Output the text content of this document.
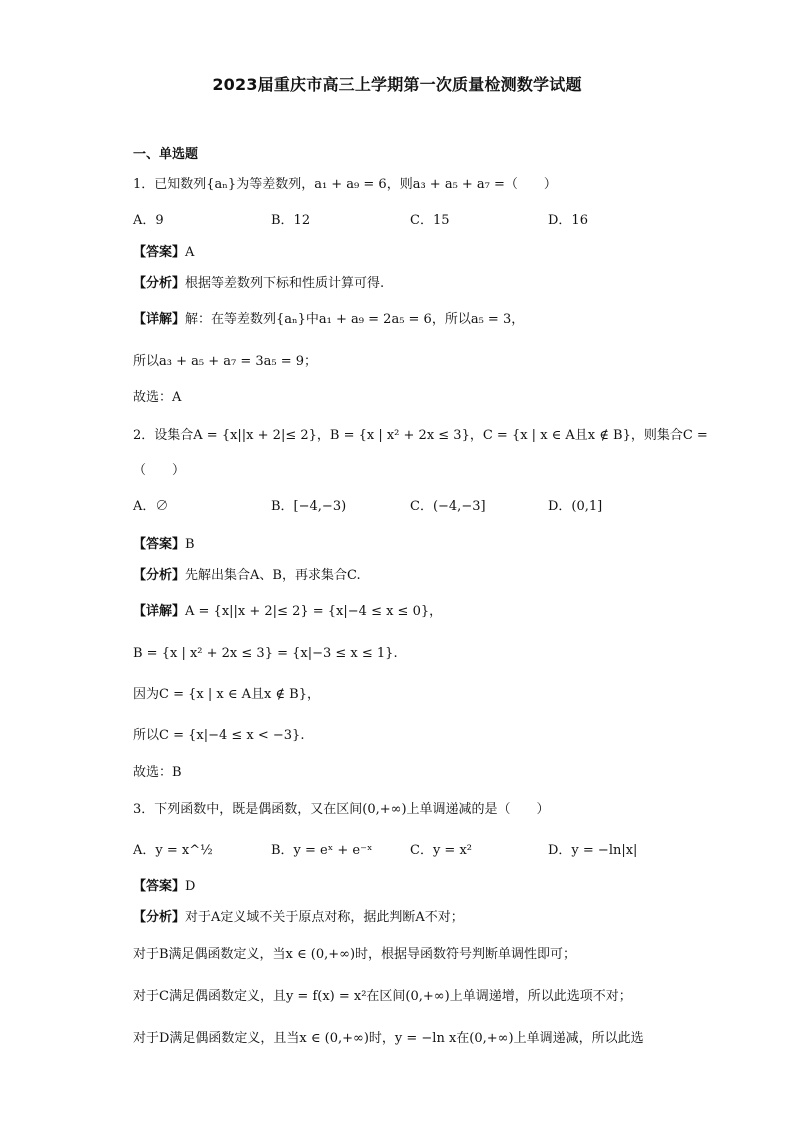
2023届重庆市高三上学期第一次质量检测数学试题
一、单选题
1．已知数列{aₙ}为等差数列，a₁ + a₉ = 6，则a₃ + a₅ + a₇ =（　　）
A．9	B．12	C．15	D．16
【答案】A
【分析】根据等差数列下标和性质计算可得.
【详解】解：在等差数列{aₙ}中a₁ + a₉ = 2a₅ = 6，所以a₅ = 3，
所以a₃ + a₅ + a₇ = 3a₅ = 9；
故选：A
2．设集合A = {x||x + 2|≤ 2}，B = {x | x² + 2x ≤ 3}，C = {x | x ∈ A且x ∉ B}，则集合C =
（　　）
A．∅	B．[−4,−3)	C．(−4,−3]	D．(0,1]
【答案】B
【分析】先解出集合A、B，再求集合C.
【详解】A = {x||x + 2|≤ 2} = {x|−4 ≤ x ≤ 0}，
B = {x | x² + 2x ≤ 3} = {x|−3 ≤ x ≤ 1}.
因为C = {x | x ∈ A且x ∉ B}，
所以C = {x|−4 ≤ x < −3}.
故选：B
3．下列函数中，既是偶函数，又在区间(0,+∞)上单调递减的是（　　）
A．y = x^½	B．y = eˣ + e⁻ˣ	C．y = x²	D．y = −ln|x|
【答案】D
【分析】对于A定义域不关于原点对称，据此判断A不对；
对于B满足偶函数定义，当x ∈ (0,+∞)时，根据导函数符号判断单调性即可；
对于C满足偶函数定义，且y = f(x) = x²在区间(0,+∞)上单调递增，所以此选项不对；
对于D满足偶函数定义，且当x ∈ (0,+∞)时，y = −ln x在(0,+∞)上单调递减，所以此选
